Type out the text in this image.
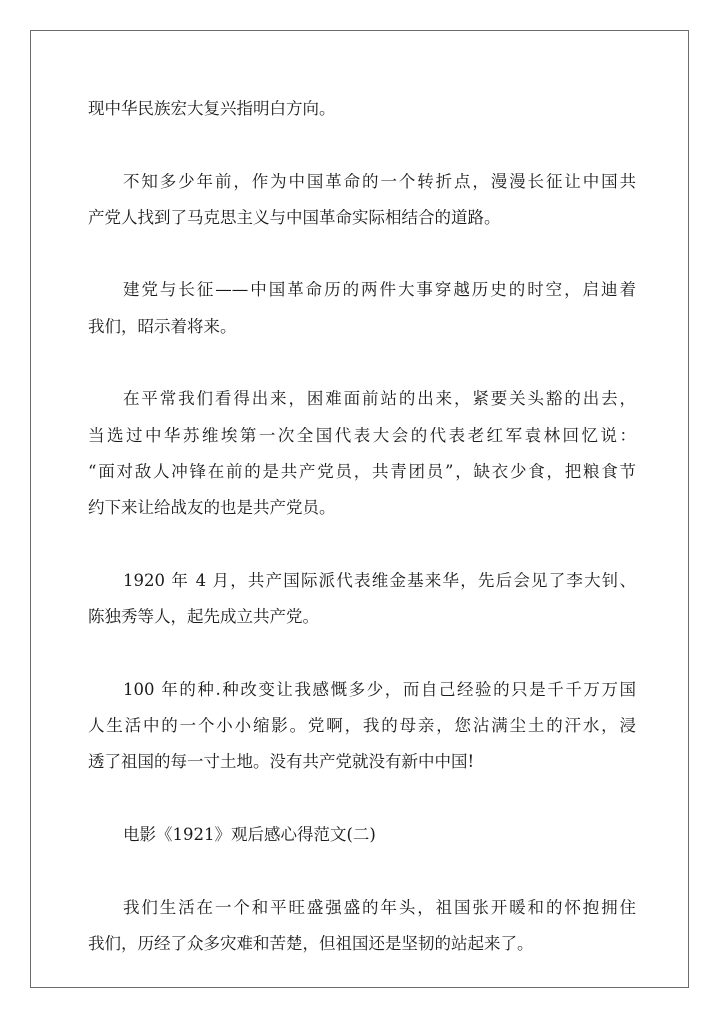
现中华民族宏大复兴指明白方向。
不知多少年前，作为中国革命的一个转折点，漫漫长征让中国共
产党人找到了马克思主义与中国革命实际相结合的道路。
建党与长征——中国革命历的两件大事穿越历史的时空，启迪着
我们，昭示着将来。
在平常我们看得出来，困难面前站的出来，紧要关头豁的出去，
当选过中华苏维埃第一次全国代表大会的代表老红军袁林回忆说：
“面对敌人冲锋在前的是共产党员，共青团员”，缺衣少食，把粮食节
约下来让给战友的也是共产党员。
1920 年 4 月，共产国际派代表维金基来华，先后会见了李大钊、
陈独秀等人，起先成立共产党。
100 年的种.种改变让我感慨多少，而自己经验的只是千千万万国
人生活中的一个小小缩影。党啊，我的母亲，您沾满尘土的汗水，浸
透了祖国的每一寸土地。没有共产党就没有新中中国!
电影《1921》观后感心得范文(二)
我们生活在一个和平旺盛强盛的年头，祖国张开暖和的怀抱拥住
我们，历经了众多灾难和苦楚，但祖国还是坚韧的站起来了。
